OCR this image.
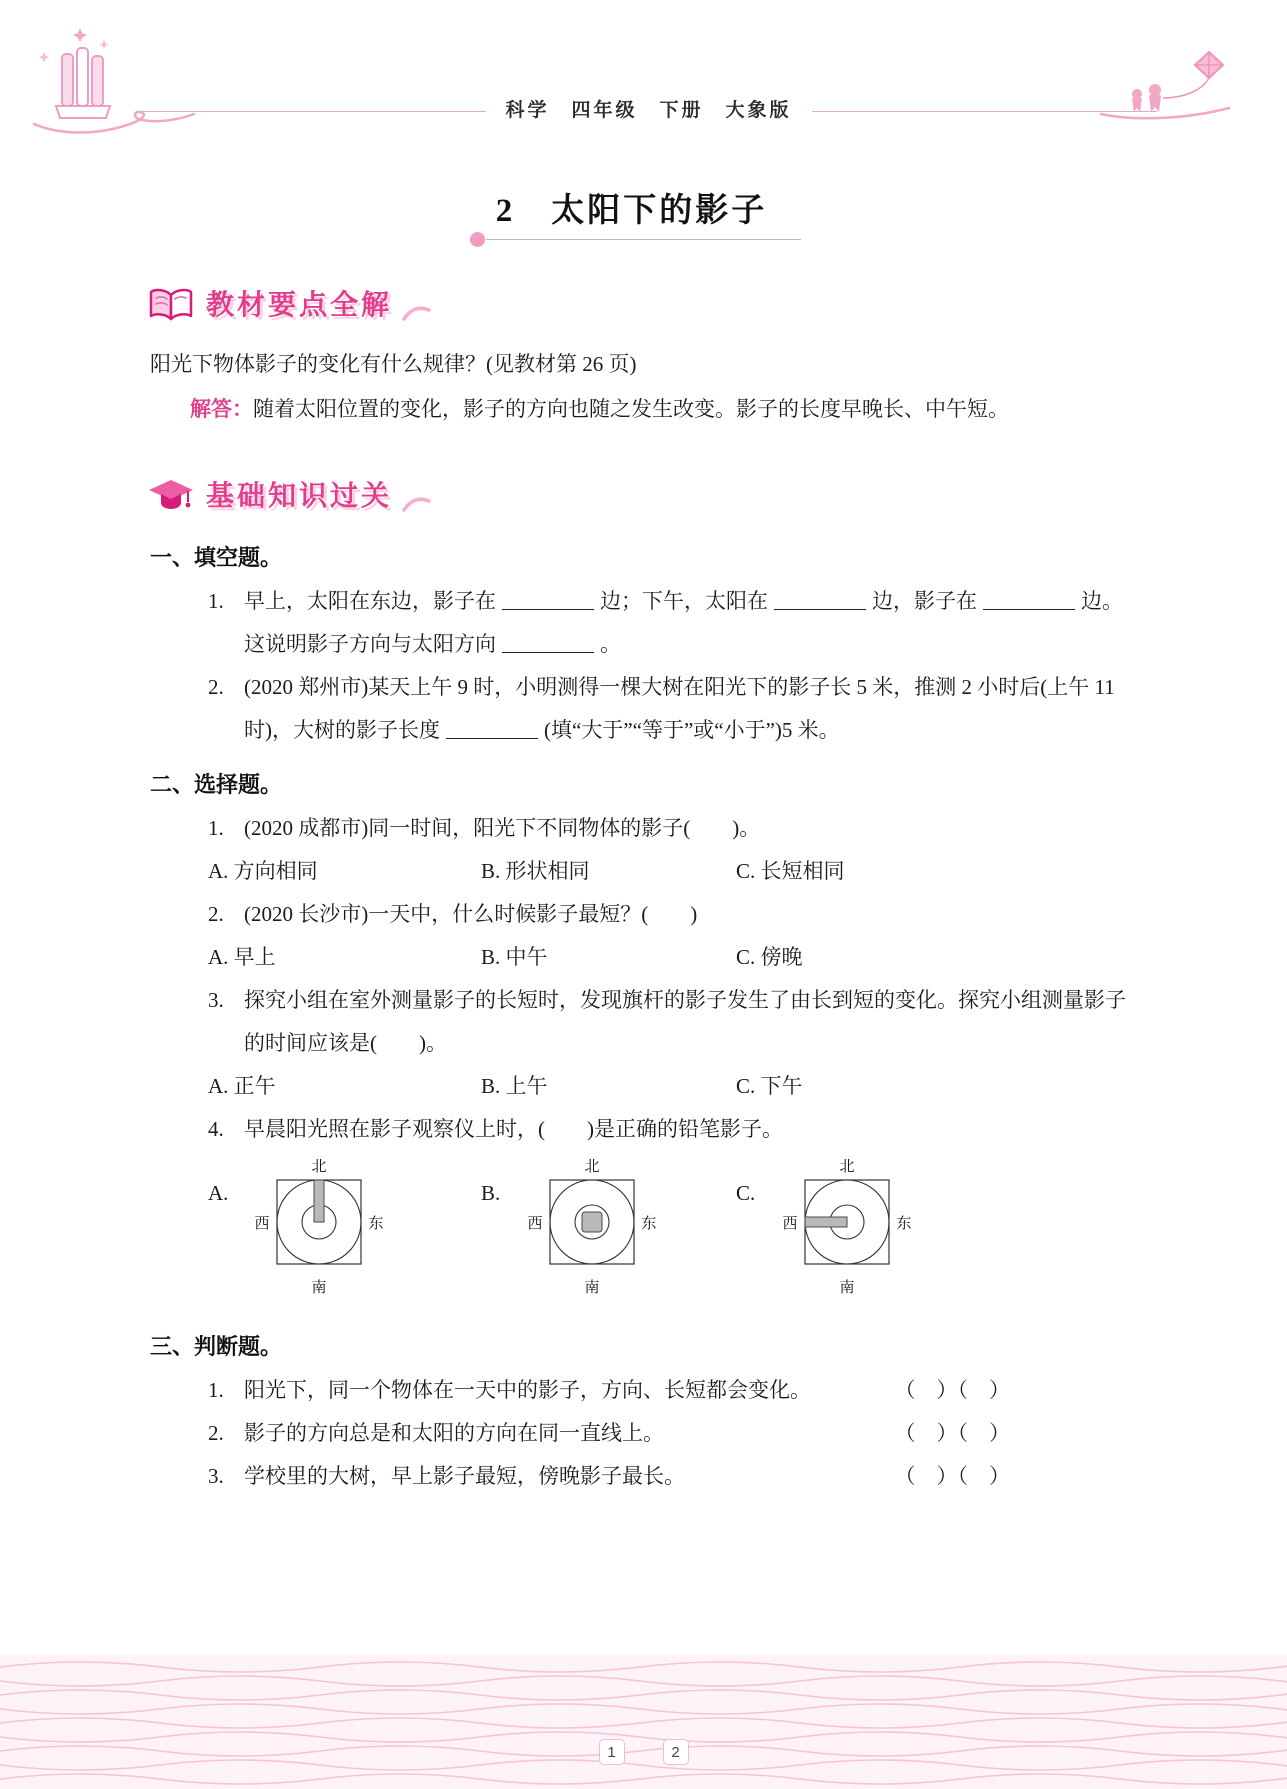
科学　四年级　下册　大象版
2　太阳下的影子
教材要点全解

阳光下物体影子的变化有什么规律？(见教材第 26 页)

解答：随着太阳位置的变化，影子的方向也随之发生改变。影子的长度早晚长、中午短。

基础知识过关
一、填空题。
1. 早上，太阳在东边，影子在	边；下午，太阳在	边，影子在	边。
这说明影子方向与太阳方向	。
2. (2020 郑州市)某天上午 9 时，小明测得一棵大树在阳光下的影子长 5 米，推测 2 小时后(上午 11 时)，大树的影子长度	(填“大于”“等于”或“小于”)5 米。
二、选择题。
1. (2020 成都市)同一时间，阳光下不同物体的影子(　　)。
A. 方向相同	B. 形状相同	C. 长短相同
2. (2020 长沙市)一天中，什么时候影子最短？(　　)
A. 早上	B. 中午	C. 傍晚
3. 探究小组在室外测量影子的长短时，发现旗杆的影子发生了由长到短的变化。探究小组测量影子的时间应该是(　　)。
A. 正午	B. 上午	C. 下午
4. 早晨阳光照在影子观察仪上时，(　　)是正确的铅笔影子。
A.
北
西	东
南
B.
北
西	东
南
C.
北
西	东
南
三、判断题。
1. 阳光下，同一个物体在一天中的影子，方向、长短都会变化。	（　）（　）
2. 影子的方向总是和太阳的方向在同一直线上。	（　）（　）
3. 学校里的大树，早上影子最短，傍晚影子最长。	（　）（　）
1	2
